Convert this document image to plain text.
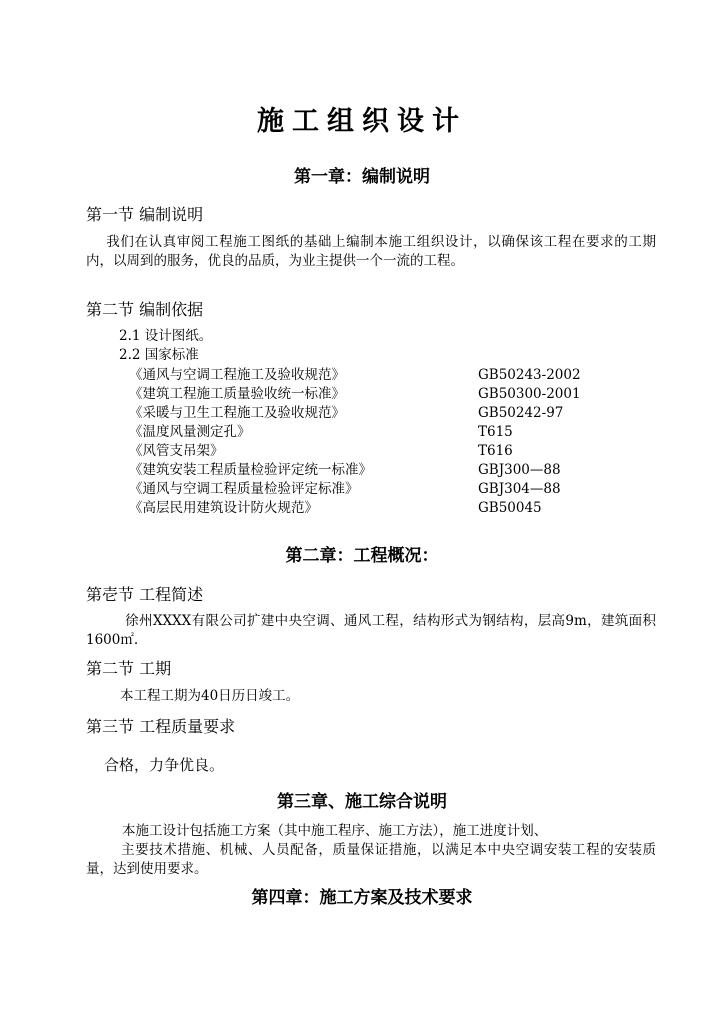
施工组织设计
第一章：编制说明
第一节 编制说明
我们在认真审阅工程施工图纸的基础上编制本施工组织设计，以确保该工程在要求的工期内，以周到的服务，优良的品质，为业主提供一个一流的工程。
第二节 编制依据
2.1 设计图纸。
2.2 国家标准
《通风与空调工程施工及验收规范》	GB50243-2002
《建筑工程施工质量验收统一标准》	GB50300-2001
《采暖与卫生工程施工及验收规范》	GB50242-97
《温度风量测定孔》	T615
《风管支吊架》	T616
《建筑安装工程质量检验评定统一标准》	GBJ300—88
《通风与空调工程质量检验评定标准》	GBJ304—88
《高层民用建筑设计防火规范》	GB50045
第二章：工程概况：
第壱节 工程简述
徐州XXXX有限公司扩建中央空调、通风工程，结构形式为钢结构，层高9m，建筑面积1600㎡.
第二节 工期
本工程工期为40日历日竣工。
第三节 工程质量要求
合格，力争优良。
第三章、施工综合说明
本施工设计包括施工方案（其中施工程序、施工方法），施工进度计划、
主要技术措施、机械、人员配备，质量保证措施，以满足本中央空调安装工程的安装质量，达到使用要求。
第四章：施工方案及技术要求
